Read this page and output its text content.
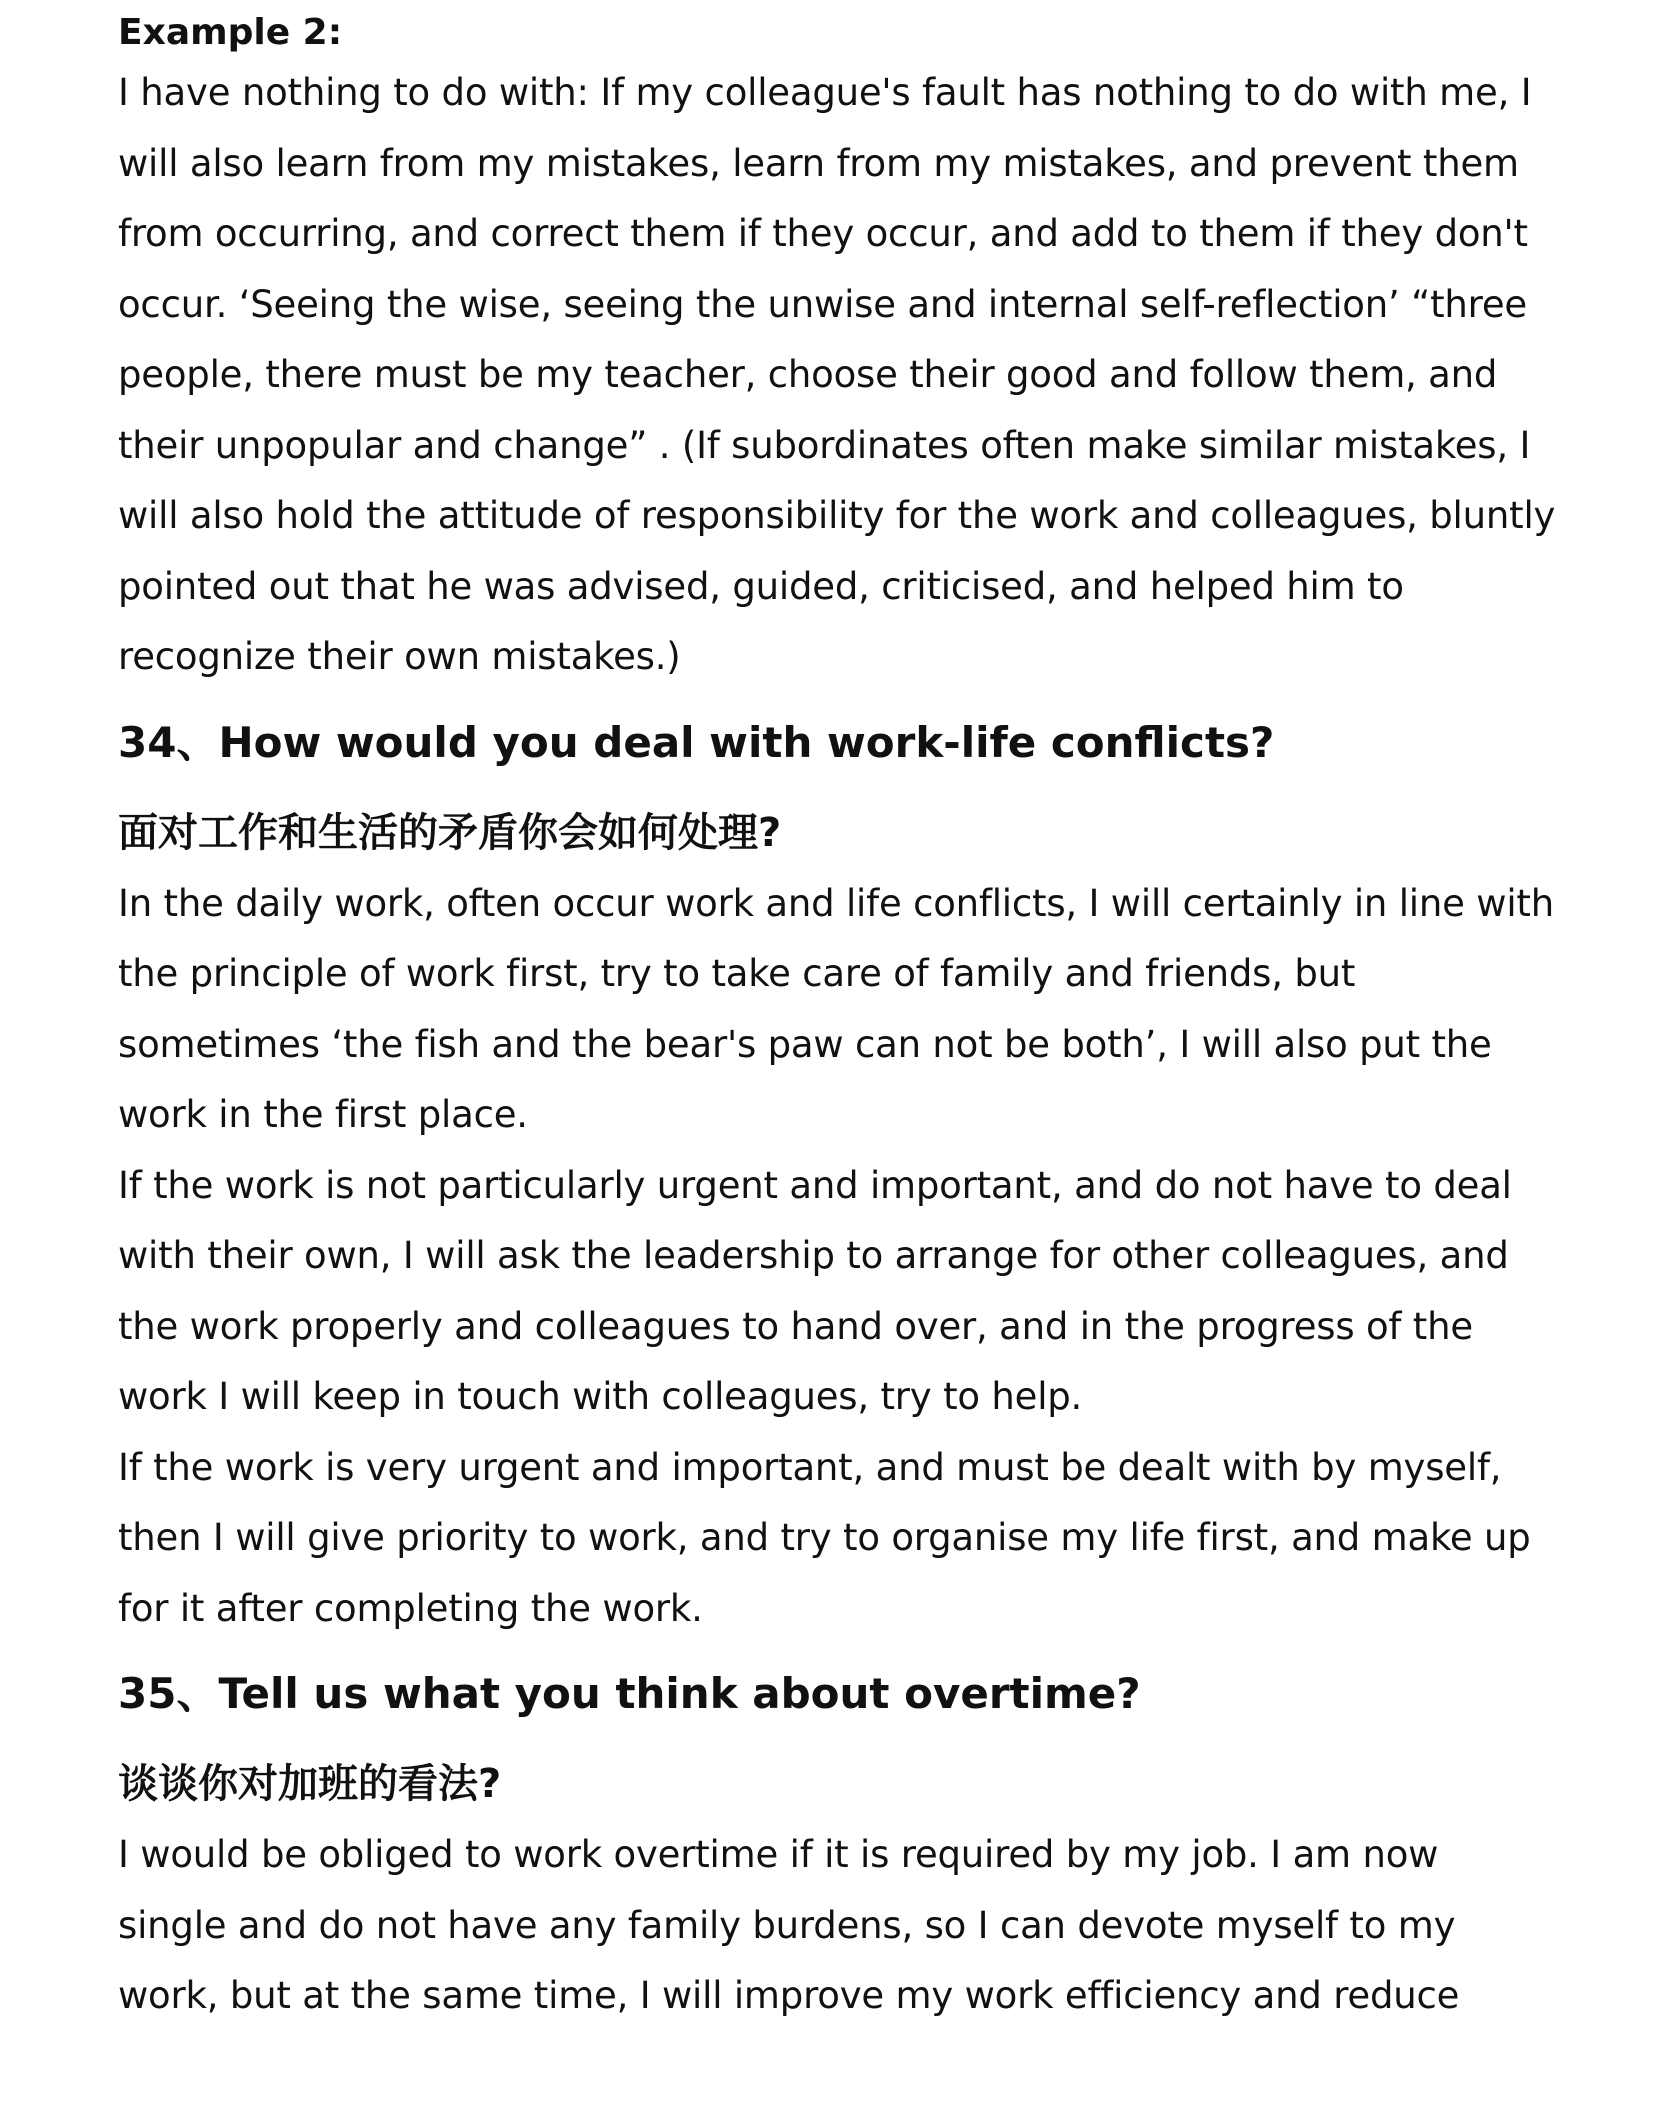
Example 2:

I have nothing to do with: If my colleague's fault has nothing to do with me, I will also learn from my mistakes, learn from my mistakes, and prevent them from occurring, and correct them if they occur, and add to them if they don't occur. ‘Seeing the wise, seeing the unwise and internal self-reflection’ “three people, there must be my teacher, choose their good and follow them, and their unpopular and change” . (If subordinates often make similar mistakes, I will also hold the attitude of responsibility for the work and colleagues, bluntly pointed out that he was advised, guided, criticised, and helped him to recognize their own mistakes.)

34、How would you deal with work-life conflicts?
面对工作和生活的矛盾你会如何处理?

In the daily work, often occur work and life conflicts, I will certainly in line with the principle of work first, try to take care of family and friends, but sometimes ‘the fish and the bear's paw can not be both’, I will also put the work in the first place.

If the work is not particularly urgent and important, and do not have to deal with their own, I will ask the leadership to arrange for other colleagues, and the work properly and colleagues to hand over, and in the progress of the work I will keep in touch with colleagues, try to help.

If the work is very urgent and important, and must be dealt with by myself, then I will give priority to work, and try to organise my life first, and make up for it after completing the work.

35、Tell us what you think about overtime?
谈谈你对加班的看法?

I would be obliged to work overtime if it is required by my job. I am now single and do not have any family burdens, so I can devote myself to my work, but at the same time, I will improve my work efficiency and reduce
